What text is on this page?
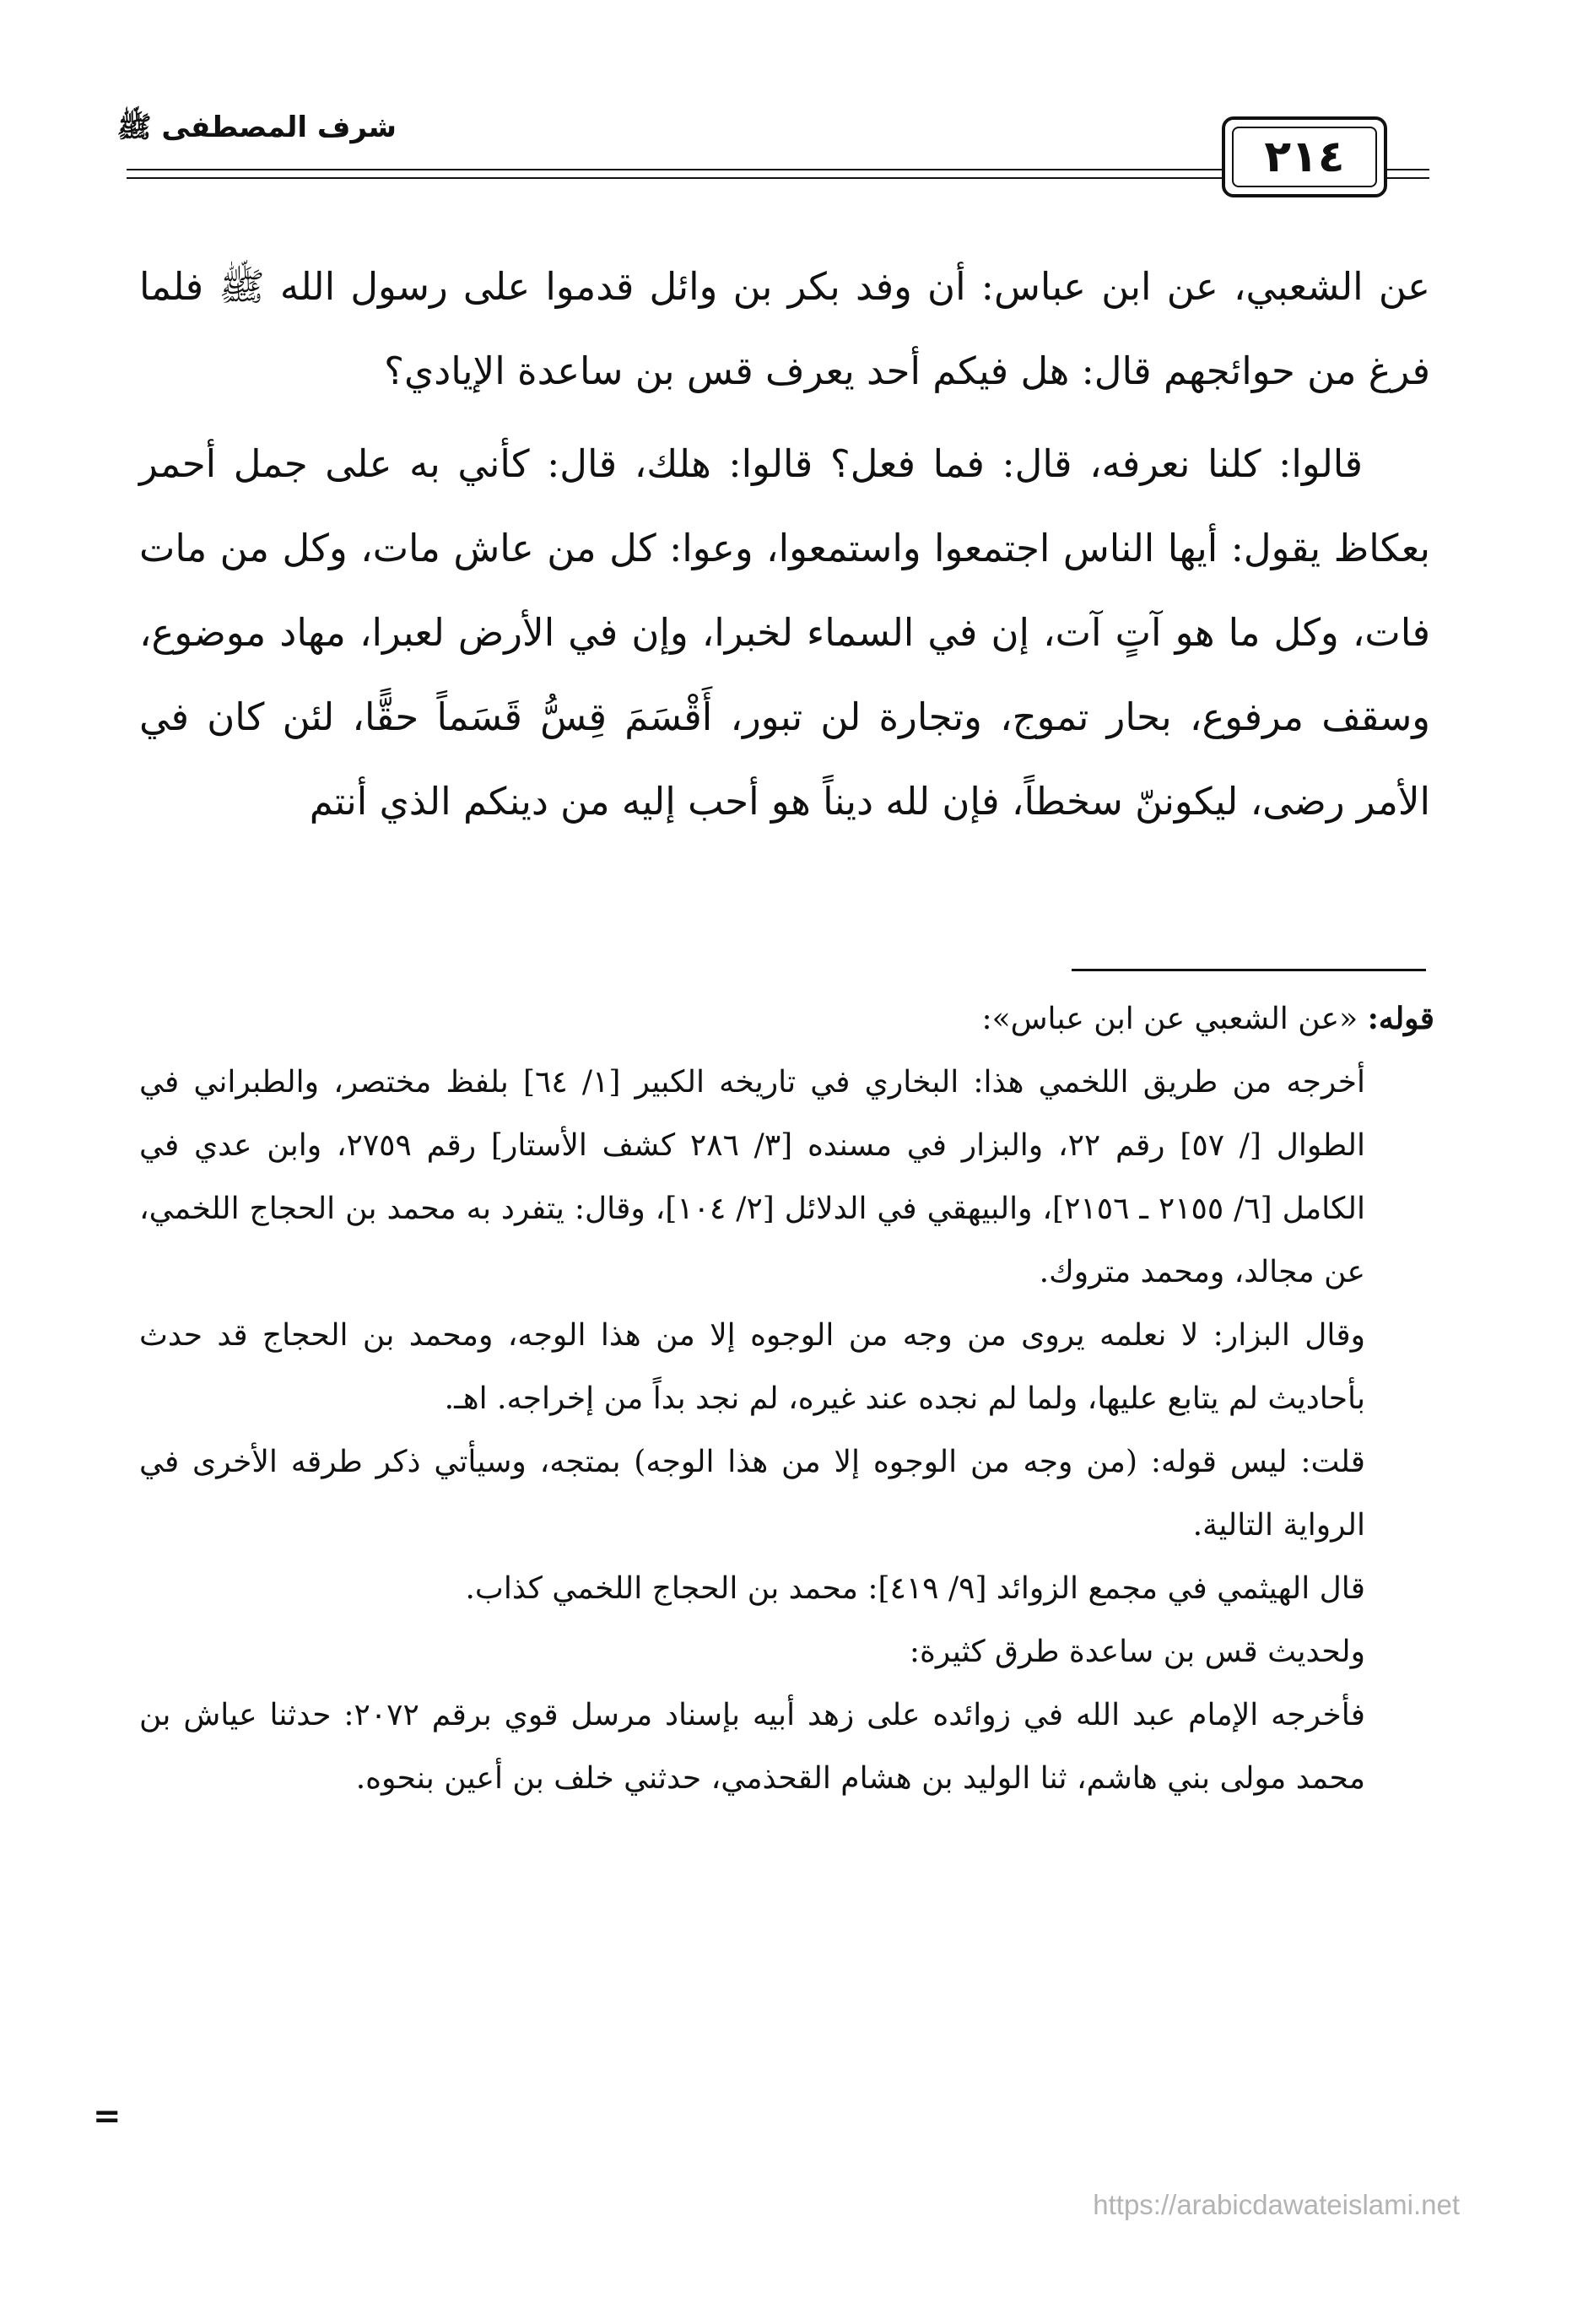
شرف المصطفى ﷺ
٢١٤

عن الشعبي، عن ابن عباس: أن وفد بكر بن وائل قدموا على رسول الله ﷺ فلما فرغ من حوائجهم قال: هل فيكم أحد يعرف قس بن ساعدة الإيادي؟

قالوا: كلنا نعرفه، قال: فما فعل؟ قالوا: هلك، قال: كأني به على جمل أحمر بعكاظ يقول: أيها الناس اجتمعوا واستمعوا، وعوا: كل من عاش مات، وكل من مات فات، وكل ما هو آتٍ آت، إن في السماء لخبرا، وإن في الأرض لعبرا، مهاد موضوع، وسقف مرفوع، بحار تموج، وتجارة لن تبور، أَقْسَمَ قِسُّ قَسَماً حقًّا، لئن كان في الأمر رضى، ليكوننّ سخطاً، فإن لله ديناً هو أحب إليه من دينكم الذي أنتم

قوله: «عن الشعبي عن ابن عباس»:

أخرجه من طريق اللخمي هذا: البخاري في تاريخه الكبير [١/ ٦٤] بلفظ مختصر، والطبراني في الطوال [/ ٥٧] رقم ٢٢، والبزار في مسنده [٣/ ٢٨٦ كشف الأستار] رقم ٢٧٥٩، وابن عدي في الكامل [٦/ ٢١٥٥ ـ ٢١٥٦]، والبيهقي في الدلائل [٢/ ١٠٤]، وقال: يتفرد به محمد بن الحجاج اللخمي، عن مجالد، ومحمد متروك.

وقال البزار: لا نعلمه يروى من وجه من الوجوه إلا من هذا الوجه، ومحمد بن الحجاج قد حدث بأحاديث لم يتابع عليها، ولما لم نجده عند غيره، لم نجد بداً من إخراجه. اهـ.

قلت: ليس قوله: (من وجه من الوجوه إلا من هذا الوجه) بمتجه، وسيأتي ذكر طرقه الأخرى في الرواية التالية.

قال الهيثمي في مجمع الزوائد [٩/ ٤١٩]: محمد بن الحجاج اللخمي كذاب.

ولحديث قس بن ساعدة طرق كثيرة:

فأخرجه الإمام عبد الله في زوائده على زهد أبيه بإسناد مرسل قوي برقم ٢٠٧٢: حدثنا عياش بن محمد مولى بني هاشم، ثنا الوليد بن هشام القحذمي، حدثني خلف بن أعين بنحوه.

=
https://arabicdawateislami.net
